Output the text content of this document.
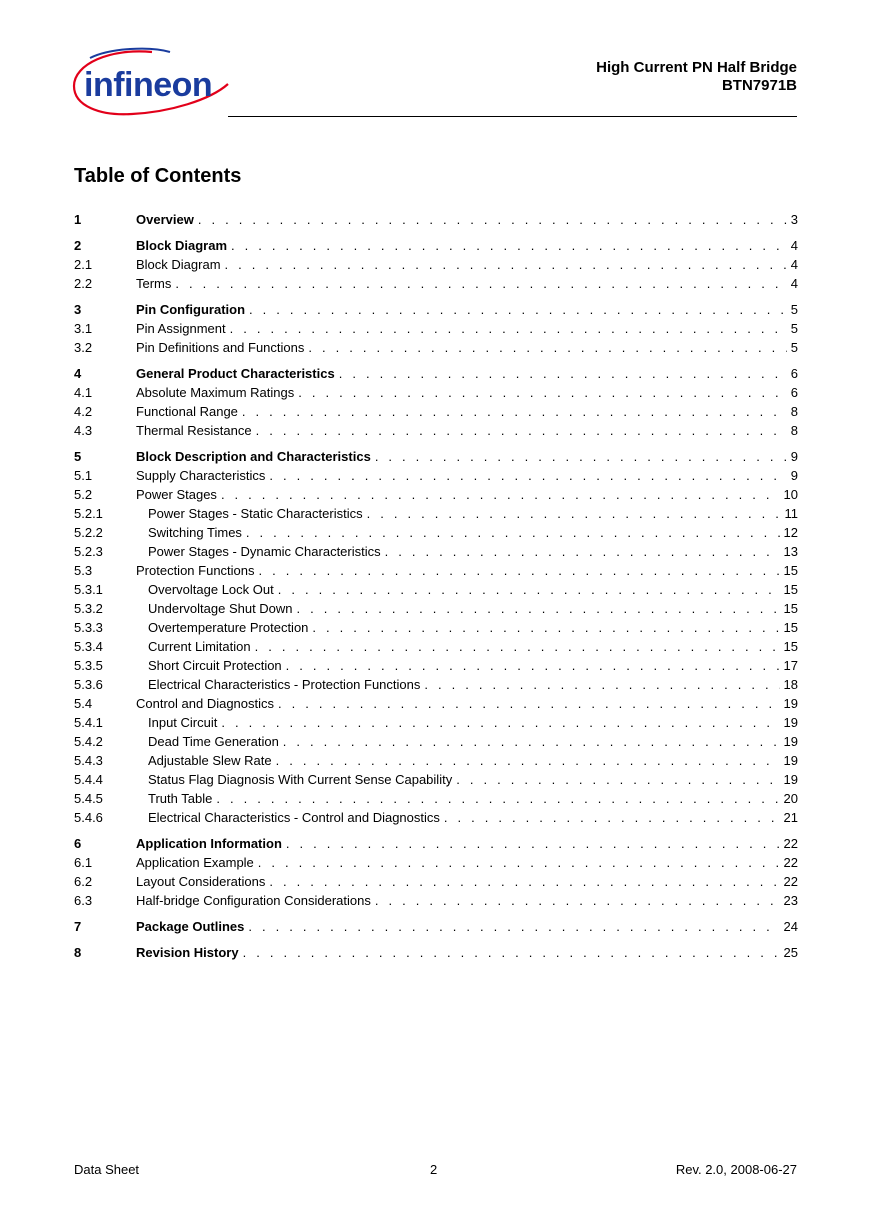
infineon	High Current PN Half Bridge
BTN7971B
Table of Contents
1	Overview . . .	3
2	Block Diagram . . .	4
2.1	Block Diagram . . .	4
2.2	Terms . . .	4
3	Pin Configuration . . .	5
3.1	Pin Assignment . . .	5
3.2	Pin Definitions and Functions . . .	5
4	General Product Characteristics . . .	6
4.1	Absolute Maximum Ratings . . .	6
4.2	Functional Range . . .	8
4.3	Thermal Resistance . . .	8
5	Block Description and Characteristics . . .	9
5.1	Supply Characteristics . . .	9
5.2	Power Stages . . .	10
5.2.1	Power Stages - Static Characteristics . . .	11
5.2.2	Switching Times . . .	12
5.2.3	Power Stages - Dynamic Characteristics . . .	13
5.3	Protection Functions . . .	15
5.3.1	Overvoltage Lock Out . . .	15
5.3.2	Undervoltage Shut Down . . .	15
5.3.3	Overtemperature Protection . . .	15
5.3.4	Current Limitation . . .	15
5.3.5	Short Circuit Protection . . .	17
5.3.6	Electrical Characteristics - Protection Functions . . .	18
5.4	Control and Diagnostics . . .	19
5.4.1	Input Circuit . . .	19
5.4.2	Dead Time Generation . . .	19
5.4.3	Adjustable Slew Rate . . .	19
5.4.4	Status Flag Diagnosis With Current Sense Capability . . .	19
5.4.5	Truth Table . . .	20
5.4.6	Electrical Characteristics - Control and Diagnostics . . .	21
6	Application Information . . .	22
6.1	Application Example . . .	22
6.2	Layout Considerations . . .	22
6.3	Half-bridge Configuration Considerations . . .	23
7	Package Outlines . . .	24
8	Revision History . . .	25
Data Sheet	2	Rev. 2.0, 2008-06-27
